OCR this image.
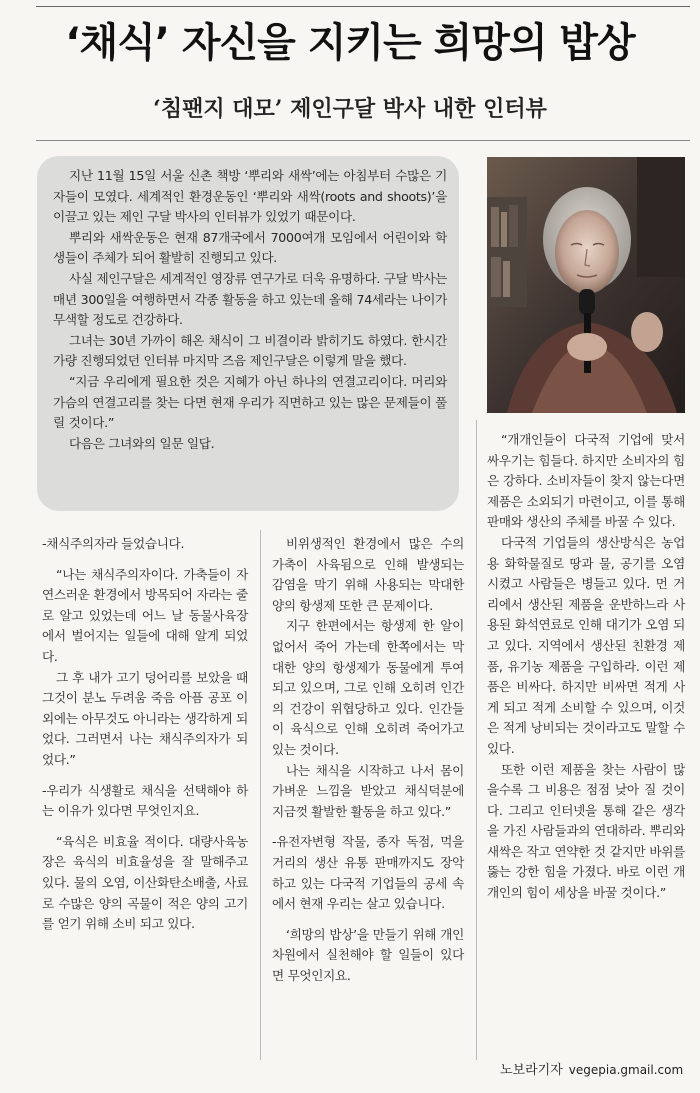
‘채식’ 자신을 지키는 희망의 밥상
‘침팬지 대모’ 제인구달 박사 내한 인터뷰

지난 11월 15일 서울 신촌 책방 ‘뿌리와 새싹’에는 아침부터 수많은 기자들이 모였다. 세계적인 환경운동인 ‘뿌리와 새싹(roots and shoots)’을 이끌고 있는 제인 구달 박사의 인터뷰가 있었기 때문이다.

뿌리와 새싹운동은 현재 87개국에서 7000여개 모임에서 어린이와 학생들이 주체가 되어 활발히 진행되고 있다.

사실 제인구달은 세계적인 영장류 연구가로 더욱 유명하다. 구달 박사는 매년 300일을 여행하면서 각종 활동을 하고 있는데 올해 74세라는 나이가 무색할 정도로 건강하다.

그녀는 30년 가까이 해온 채식이 그 비결이라 밝히기도 하였다. 한시간 가량 진행되었던 인터뷰 마지막 즈음 제인구달은 이렇게 말을 했다.

“지금 우리에게 필요한 것은 지혜가 아닌 하나의 연결고리이다. 머리와 가슴의 연결고리를 찾는 다면 현재 우리가 직면하고 있는 많은 문제들이 풀릴 것이다.”

다음은 그녀와의 일문 일답.

-채식주의자라 들었습니다.

“나는 채식주의자이다. 가축들이 자연스러운 환경에서 방목되어 자라는 줄로 알고 있었는데 어느 날 동물사육장에서 벌어지는 일들에 대해 알게 되었다.

그 후 내가 고기 덩어리를 보았을 때 그것이 분노 두려움 죽음 아픔 공포 이외에는 아무것도 아니라는 생각하게 되었다. 그러면서 나는 채식주의자가 되었다.”

-우리가 식생활로 채식을 선택해야 하는 이유가 있다면 무엇인지요.

“육식은 비효율 적이다. 대량사육농장은 육식의 비효율성을 잘 말해주고 있다. 물의 오염, 이산화탄소배출, 사료로 수많은 양의 곡물이 적은 양의 고기를 얻기 위해 소비 되고 있다.

비위생적인 환경에서 많은 수의 가축이 사육됨으로 인해 발생되는 감염을 막기 위해 사용되는 막대한 양의 항생제 또한 큰 문제이다.

지구 한편에서는 항생제 한 알이 없어서 죽어 가는데 한쪽에서는 막대한 양의 항생제가 동물에게 투여되고 있으며, 그로 인해 오히려 인간의 건강이 위협당하고 있다. 인간들이 육식으로 인해 오히려 죽어가고 있는 것이다.

나는 채식을 시작하고 나서 몸이 가벼운 느낌을 받았고 채식덕분에 지금껏 활발한 활동을 하고 있다.”

-유전자변형 작물, 종자 독점, 먹을거리의 생산 유통 판매까지도 장악하고 있는 다국적 기업들의 공세 속에서 현재 우리는 살고 있습니다.

‘희망의 밥상’을 만들기 위해 개인차원에서 실천해야 할 일들이 있다면 무엇인지요.

“개개인들이 다국적 기업에 맞서 싸우기는 힘들다. 하지만 소비자의 힘은 강하다. 소비자들이 찾지 않는다면 제품은 소외되기 마련이고, 이를 통해 판매와 생산의 주체를 바꿀 수 있다.

다국적 기업들의 생산방식은 농업용 화학물질로 땅과 물, 공기를 오염시켰고 사람들은 병들고 있다. 먼 거리에서 생산된 제품을 운반하느라 사용된 화석연료로 인해 대기가 오염 되고 있다. 지역에서 생산된 친환경 제품, 유기농 제품을 구입하라. 이런 제품은 비싸다. 하지만 비싸면 적게 사게 되고 적게 소비할 수 있으며, 이것은 적게 낭비되는 것이라고도 말할 수 있다.

또한 이런 제품을 찾는 사람이 많을수록 그 비용은 점점 낮아 질 것이다. 그리고 인터넷을 통해 같은 생각을 가진 사람들과의 연대하라. 뿌리와 새싹은 작고 연약한 것 같지만 바위를 뚫는 강한 힘을 가졌다. 바로 이런 개개인의 힘이 세상을 바꿀 것이다.”

노보라기자 vegepia.gmail.com
